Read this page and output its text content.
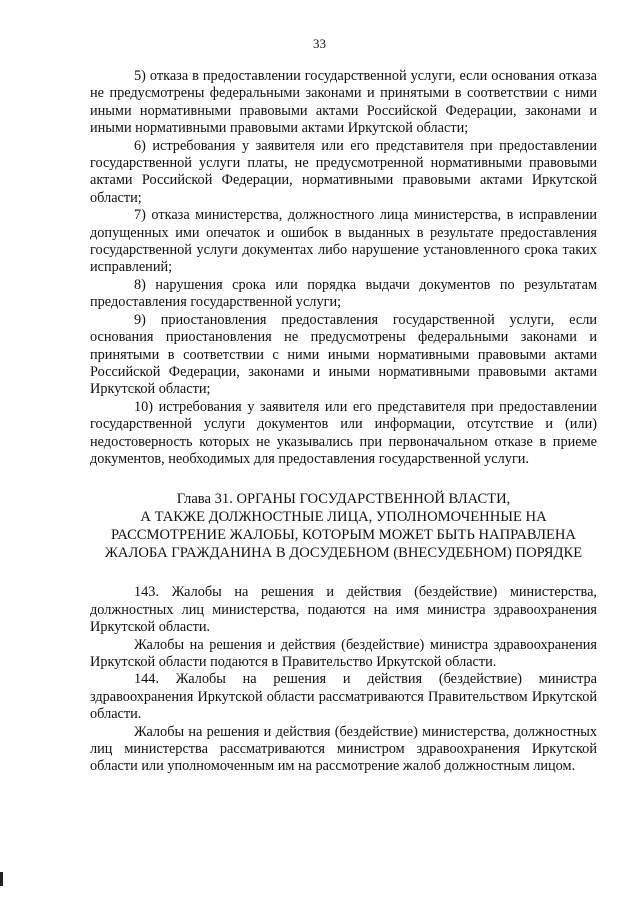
33

5) отказа в предоставлении государственной услуги, если основания отказа не предусмотрены федеральными законами и принятыми в соответствии с ними иными нормативными правовыми актами Российской Федерации, законами и иными нормативными правовыми актами Иркутской области;

6) истребования у заявителя или его представителя при предоставлении государственной услуги платы, не предусмотренной нормативными правовыми актами Российской Федерации, нормативными правовыми актами Иркутской области;

7) отказа министерства, должностного лица министерства, в исправлении допущенных ими опечаток и ошибок в выданных в результате предоставления государственной услуги документах либо нарушение установленного срока таких исправлений;

8) нарушения срока или порядка выдачи документов по результатам предоставления государственной услуги;

9) приостановления предоставления государственной услуги, если основания приостановления не предусмотрены федеральными законами и принятыми в соответствии с ними иными нормативными правовыми актами Российской Федерации, законами и иными нормативными правовыми актами Иркутской области;

10) истребования у заявителя или его представителя при предоставлении государственной услуги документов или информации, отсутствие и (или) недостоверность которых не указывались при первоначальном отказе в приеме документов, необходимых для предоставления государственной услуги.

Глава 31. ОРГАНЫ ГОСУДАРСТВЕННОЙ ВЛАСТИ,
А ТАКЖЕ ДОЛЖНОСТНЫЕ ЛИЦА, УПОЛНОМОЧЕННЫЕ НА
РАССМОТРЕНИЕ ЖАЛОБЫ, КОТОРЫМ МОЖЕТ БЫТЬ НАПРАВЛЕНА
ЖАЛОБА ГРАЖДАНИНА В ДОСУДЕБНОМ (ВНЕСУДЕБНОМ) ПОРЯДКЕ

143. Жалобы на решения и действия (бездействие) министерства, должностных лиц министерства, подаются на имя министра здравоохранения Иркутской области.

Жалобы на решения и действия (бездействие) министра здравоохранения Иркутской области подаются в Правительство Иркутской области.

144. Жалобы на решения и действия (бездействие) министра здравоохранения Иркутской области рассматриваются Правительством Иркутской области.

Жалобы на решения и действия (бездействие) министерства, должностных лиц министерства рассматриваются министром здравоохранения Иркутской области или уполномоченным им на рассмотрение жалоб должностным лицом.
